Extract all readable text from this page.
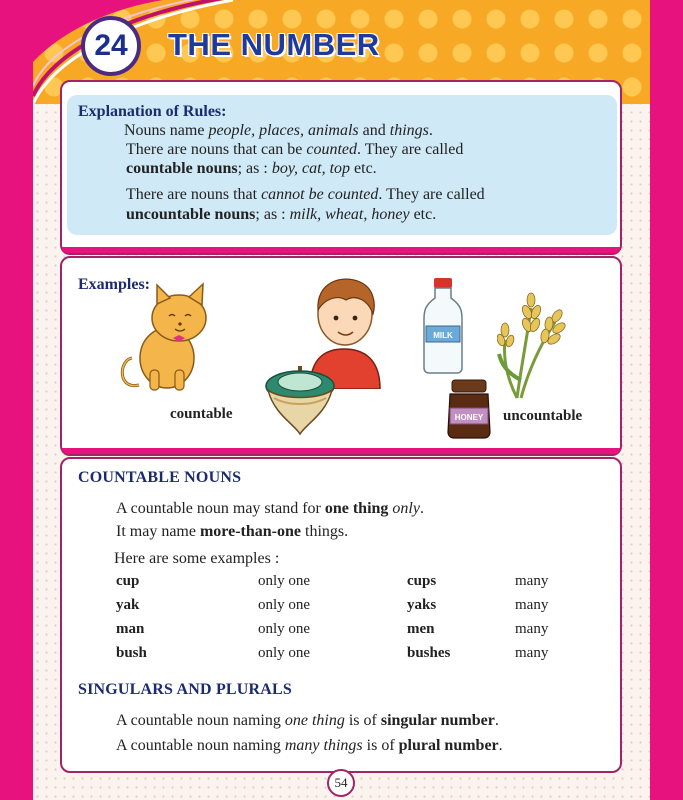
24 THE NUMBER
Explanation of Rules:
Nouns name people, places, animals and things.
There are nouns that can be counted. They are called
countable nouns; as : boy, cat, top etc.
There are nouns that cannot be counted. They are called
uncountable nouns; as : milk, wheat, honey etc.
Examples:
countable
MILK
HONEY uncountable
COUNTABLE NOUNS
A countable noun may stand for one thing only.
It may name more-than-one things.
Here are some examples :
cup	only one	cups	many
yak	only one	yaks	many
man	only one	men	many
bush	only one	bushes	many
SINGULARS AND PLURALS
A countable noun naming one thing is of singular number.
A countable noun naming many things is of plural number.
54
